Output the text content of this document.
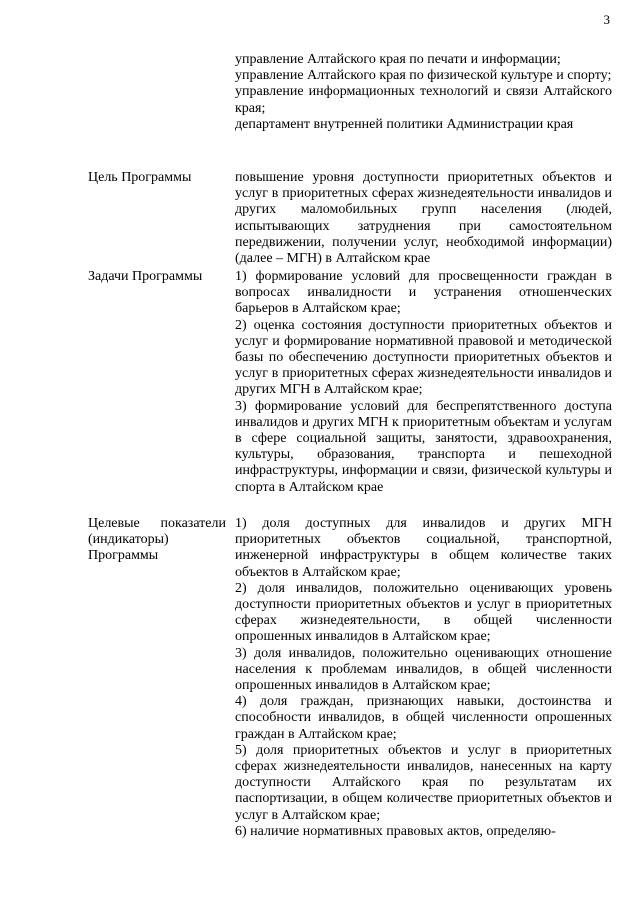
3

управление Алтайского края по печати и информации;

управление Алтайского края по физической культуре и спорту;

управление информационных технологий и связи Алтайского края;

департамент внутренней политики Администрации края

Цель Программы	повышение уровня доступности приоритетных объектов и услуг в приоритетных сферах жизнедеятельности инвалидов и других маломобильных групп населения (людей, испытывающих затруднения при самостоятельном передвижении, получении услуг, необходимой информации) (далее – МГН) в Алтайском крае

Задачи Программы	1) формирование условий для просвещенности граждан в вопросах инвалидности и устранения отношенческих барьеров в Алтайском крае;

2) оценка состояния доступности приоритетных объектов и услуг и формирование нормативной правовой и методической базы по обеспечению доступности приоритетных объектов и услуг в приоритетных сферах жизнедеятельности инвалидов и других МГН в Алтайском крае;

3) формирование условий для беспрепятственного доступа инвалидов и других МГН к приоритетным объектам и услугам в сфере социальной защиты, занятости, здравоохранения, культуры, образования, транспорта и пешеходной инфраструктуры, информации и связи, физической культуры и спорта в Алтайском крае

Целевые показатели (индикаторы) Программы

1) доля доступных для инвалидов и других МГН приоритетных объектов социальной, транспортной, инженерной инфраструктуры в общем количестве таких объектов в Алтайском крае;

2) доля инвалидов, положительно оценивающих уровень доступности приоритетных объектов и услуг в приоритетных сферах жизнедеятельности, в общей численности опрошенных инвалидов в Алтайском крае;

3) доля инвалидов, положительно оценивающих отношение населения к проблемам инвалидов, в общей численности опрошенных инвалидов в Алтайском крае;

4) доля граждан, признающих навыки, достоинства и способности инвалидов, в общей численности опрошенных граждан в Алтайском крае;

5) доля приоритетных объектов и услуг в приоритетных сферах жизнедеятельности инвалидов, нанесенных на карту доступности Алтайского края по результатам их паспортизации, в общем количестве приоритетных объектов и услуг в Алтайском крае;

6) наличие нормативных правовых актов, определяю-
